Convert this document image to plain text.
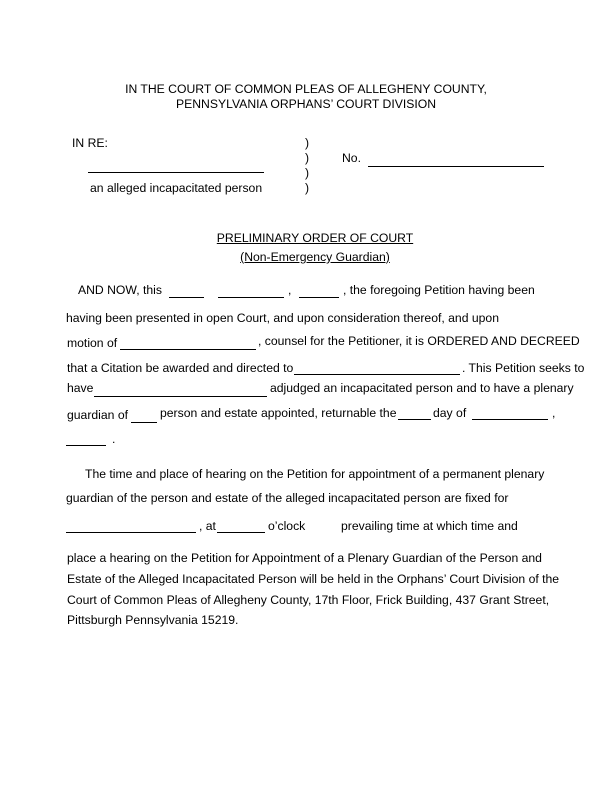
IN THE COURT OF COMMON PLEAS OF ALLEGHENY COUNTY,
PENNSYLVANIA ORPHANS’ COURT DIVISION
IN RE:
an alleged incapacitated person
)
)
)
)
No.
PRELIMINARY ORDER OF COURT
(Non-Emergency Guardian)
AND NOW, this	,	, the foregoing Petition having been
having been presented in open Court, and upon consideration thereof, and upon
motion of	, counsel for the Petitioner, it is ORDERED AND DECREED
that a Citation be awarded and directed to	. This Petition seeks to
have	adjudged an incapacitated person and to have a plenary
guardian of	person and estate appointed, returnable the	day of	,
.
The time and place of hearing on the Petition for appointment of a permanent plenary
guardian of the person and estate of the alleged incapacitated person are fixed for
, at	o’clock	prevailing time at which time and
place a hearing on the Petition for Appointment of a Plenary Guardian of the Person and
Estate of the Alleged Incapacitated Person will be held in the Orphans’ Court Division of the
Court of Common Pleas of Allegheny County, 17th Floor, Frick Building, 437 Grant Street,
Pittsburgh Pennsylvania 15219.
